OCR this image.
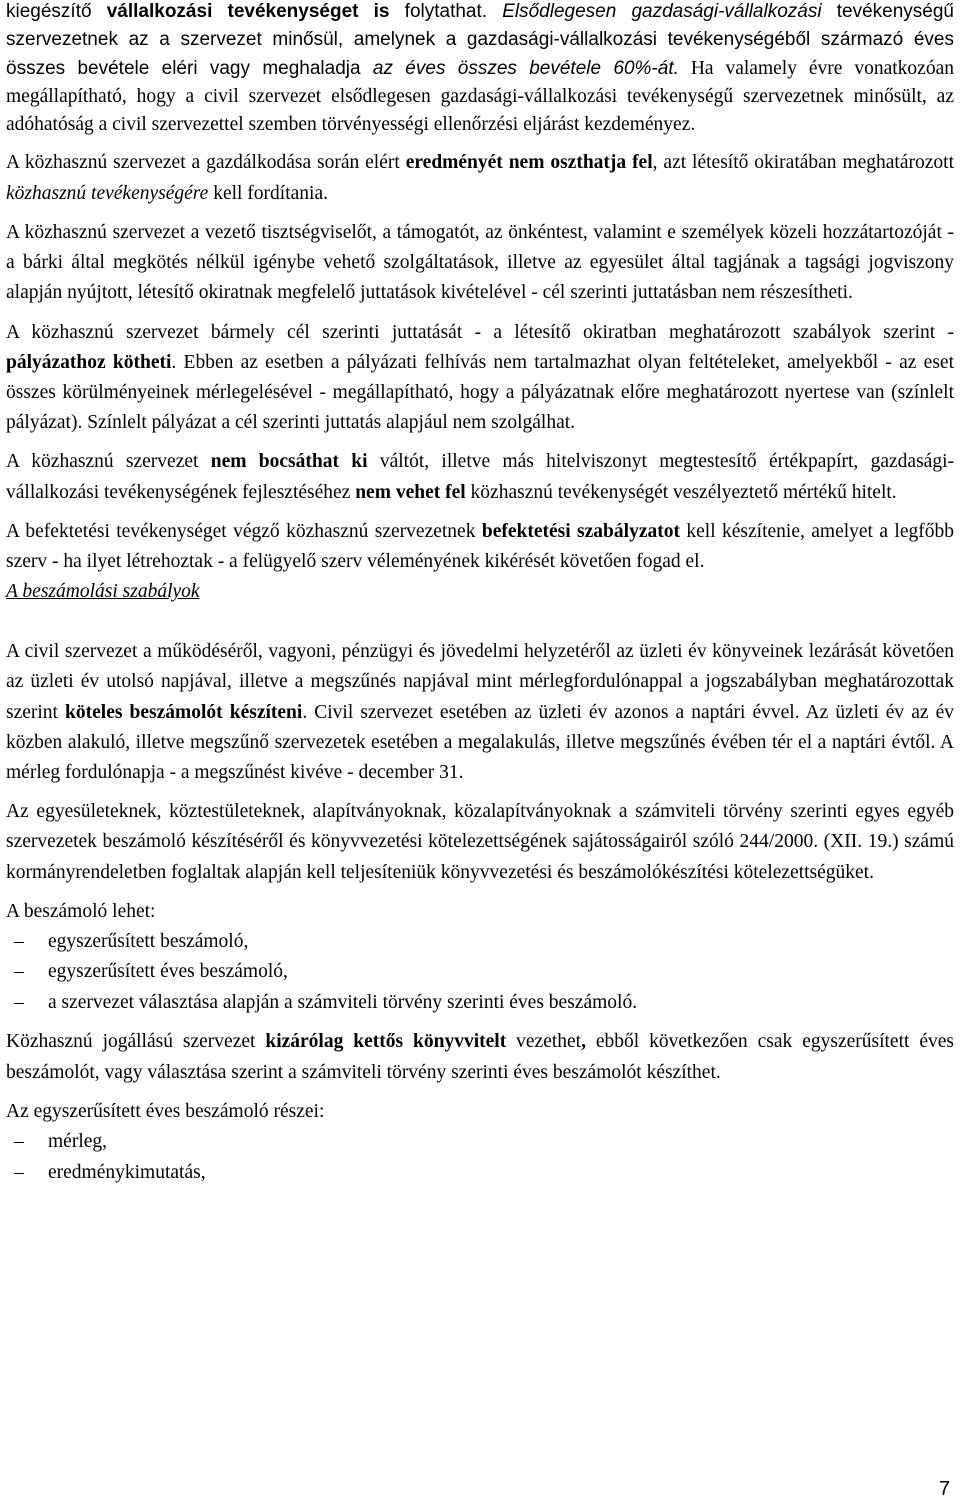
kiegészítő vállalkozási tevékenységet is folytathat. Elsődlegesen gazdasági-vállalkozási tevékenységű szervezetnek az a szervezet minősül, amelynek a gazdasági-vállalkozási tevékenységéből származó éves összes bevétele eléri vagy meghaladja az éves összes bevétele 60%-át. Ha valamely évre vonatkozóan megállapítható, hogy a civil szervezet elsődlegesen gazdasági-vállalkozási tevékenységű szervezetnek minősült, az adóhatóság a civil szervezettel szemben törvényességi ellenőrzési eljárást kezdeményez.

A közhasznú szervezet a gazdálkodása során elért eredményét nem oszthatja fel, azt létesítő okiratában meghatározott közhasznú tevékenységére kell fordítania.

A közhasznú szervezet a vezető tisztségviselőt, a támogatót, az önkéntest, valamint e személyek közeli hozzátartozóját - a bárki által megkötés nélkül igénybe vehető szolgáltatások, illetve az egyesület által tagjának a tagsági jogviszony alapján nyújtott, létesítő okiratnak megfelelő juttatások kivételével - cél szerinti juttatásban nem részesítheti.

A közhasznú szervezet bármely cél szerinti juttatását - a létesítő okiratban meghatározott szabályok szerint - pályázathoz kötheti. Ebben az esetben a pályázati felhívás nem tartalmazhat olyan feltételeket, amelyekből - az eset összes körülményeinek mérlegelésével - megállapítható, hogy a pályázatnak előre meghatározott nyertese van (színlelt pályázat). Színlelt pályázat a cél szerinti juttatás alapjául nem szolgálhat.

A közhasznú szervezet nem bocsáthat ki váltót, illetve más hitelviszonyt megtestesítő értékpapírt, gazdasági-vállalkozási tevékenységének fejlesztéséhez nem vehet fel közhasznú tevékenységét veszélyeztető mértékű hitelt.

A befektetési tevékenységet végző közhasznú szervezetnek befektetési szabályzatot kell készítenie, amelyet a legfőbb szerv - ha ilyet létrehoztak - a felügyelő szerv véleményének kikérését követően fogad el.

A beszámolási szabályok

A civil szervezet a működéséről, vagyoni, pénzügyi és jövedelmi helyzetéről az üzleti év könyveinek lezárását követően az üzleti év utolsó napjával, illetve a megszűnés napjával mint mérlegfordulónappal a jogszabályban meghatározottak szerint köteles beszámolót készíteni. Civil szervezet esetében az üzleti év azonos a naptári évvel. Az üzleti év az év közben alakuló, illetve megszűnő szervezetek esetében a megalakulás, illetve megszűnés évében tér el a naptári évtől. A mérleg fordulónapja - a megszűnést kivéve - december 31.

Az egyesületeknek, köztestületeknek, alapítványoknak, közalapítványoknak a számviteli törvény szerinti egyes egyéb szervezetek beszámoló készítéséről és könyvvezetési kötelezettségének sajátosságairól szóló 244/2000. (XII. 19.) számú kormányrendeletben foglaltak alapján kell teljesíteniük könyvvezetési és beszámolókészítési kötelezettségüket.

A beszámoló lehet:

– egyszerűsített beszámoló,
– egyszerűsített éves beszámoló,
– a szervezet választása alapján a számviteli törvény szerinti éves beszámoló.

Közhasznú jogállású szervezet kizárólag kettős könyvvitelt vezethet, ebből következően csak egyszerűsített éves beszámolót, vagy választása szerint a számviteli törvény szerinti éves beszámolót készíthet.

Az egyszerűsített éves beszámoló részei:

– mérleg,
– eredménykimutatás,
7
